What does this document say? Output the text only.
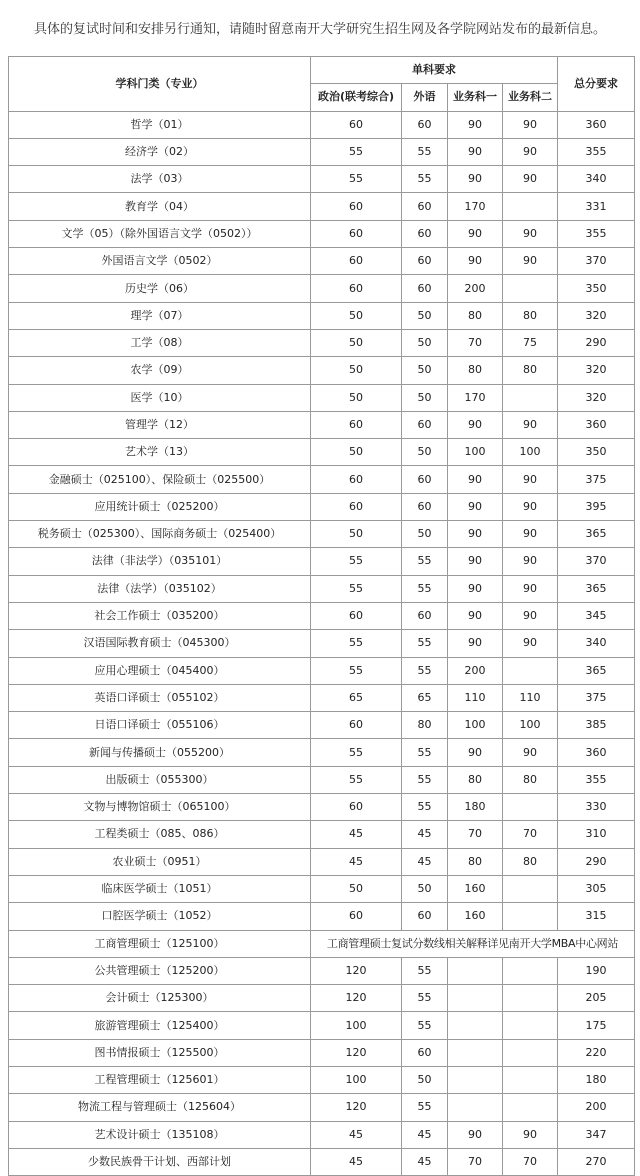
具体的复试时间和安排另行通知，请随时留意南开大学研究生招生网及各学院网站发布的最新信息。
学科门类（专业）	单科要求				总分要求
	政治(联考综合)	外语	业务科一	业务科二	
哲学（01）	60	60	90	90	360
经济学（02）	55	55	90	90	355
法学（03）	55	55	90	90	340
教育学（04）	60	60	170		331
文学（05）（除外国语言文学（0502））	60	60	90	90	355
外国语言文学（0502）	60	60	90	90	370
历史学（06）	60	60	200		350
理学（07）	50	50	80	80	320
工学（08）	50	50	70	75	290
农学（09）	50	50	80	80	320
医学（10）	50	50	170		320
管理学（12）	60	60	90	90	360
艺术学（13）	50	50	100	100	350
金融硕士（025100）、保险硕士（025500）	60	60	90	90	375
应用统计硕士（025200）	60	60	90	90	395
税务硕士（025300）、国际商务硕士（025400）	50	50	90	90	365
法律（非法学）（035101）	55	55	90	90	370
法律（法学）（035102）	55	55	90	90	365
社会工作硕士（035200）	60	60	90	90	345
汉语国际教育硕士（045300）	55	55	90	90	340
应用心理硕士（045400）	55	55	200		365
英语口译硕士（055102）	65	65	110	110	375
日语口译硕士（055106）	60	80	100	100	385
新闻与传播硕士（055200）	55	55	90	90	360
出版硕士（055300）	55	55	80	80	355
文物与博物馆硕士（065100）	60	55	180		330
工程类硕士（085、086）	45	45	70	70	310
农业硕士（0951）	45	45	80	80	290
临床医学硕士（1051）	50	50	160		305
口腔医学硕士（1052）	60	60	160		315
工商管理硕士（125100）	工商管理硕士复试分数线相关解释详见南开大学MBA中心网站				
公共管理硕士（125200）	120	55			190
会计硕士（125300）	120	55			205
旅游管理硕士（125400）	100	55			175
图书情报硕士（125500）	120	60			220
工程管理硕士（125601）	100	50			180
物流工程与管理硕士（125604）	120	55			200
艺术设计硕士（135108）	45	45	90	90	347
少数民族骨干计划、西部计划	45	45	70	70	270
